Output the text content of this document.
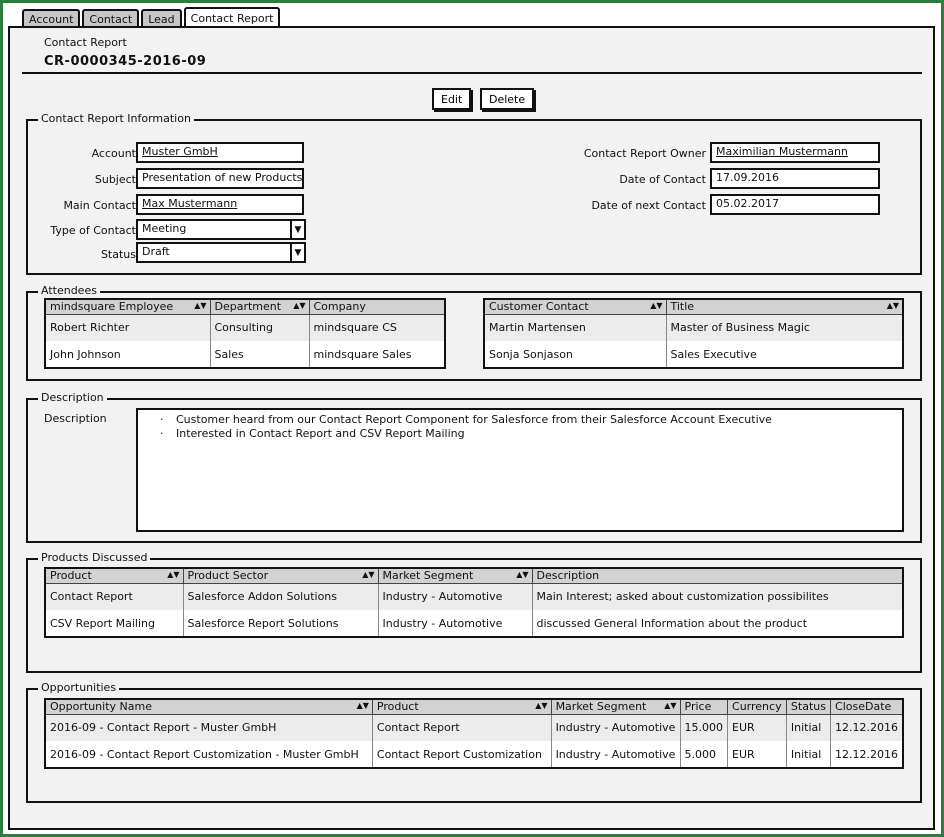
Account	Contact	Lead	Contact Report
Contact Report
CR-0000345-2016-09
Edit	Delete
Contact Report Information
Account Muster GmbH
Subject Presentation of new Products
Main Contact Max Mustermann
Type of Contact Meeting	▼
Status Draft	▼
Contact Report Owner Maximilian Mustermann
Date of Contact 17.09.2016
Date of next Contact 05.02.2017
Attendees
mindsquare Employee ▲▼	Department ▲▼	Company
Robert Richter	Consulting	mindsquare CS
John Johnson	Sales	mindsquare Sales
Customer Contact ▲▼	Title ▲▼

Martin Martensen	Master of Business Magic
Sonja Sonjason	Sales Executive
Description
Description	· Customer heard from our Contact Report Component for Salesforce from their Salesforce Account Executive
· Interested in Contact Report and CSV Report Mailing
Products Discussed
Product ▲▼	Product Sector ▲▼	Market Segment ▲▼	Description
Contact Report	Salesforce Addon Solutions	Industry - Automotive	Main Interest; asked about customization possibilites
CSV Report Mailing	Salesforce Report Solutions	Industry - Automotive	discussed General Information about the product
Opportunities
Opportunity Name ▲▼	Product ▲▼	Market Segment ▲▼	Price	Currency	Status	CloseDate
2016-09 - Contact Report - Muster GmbH	Contact Report	Industry - Automotive	15.000	EUR	Initial	12.12.2016
2016-09 - Contact Report Customization - Muster GmbH	Contact Report Customization	Industry - Automotive	5.000	EUR	Initial	12.12.2016
